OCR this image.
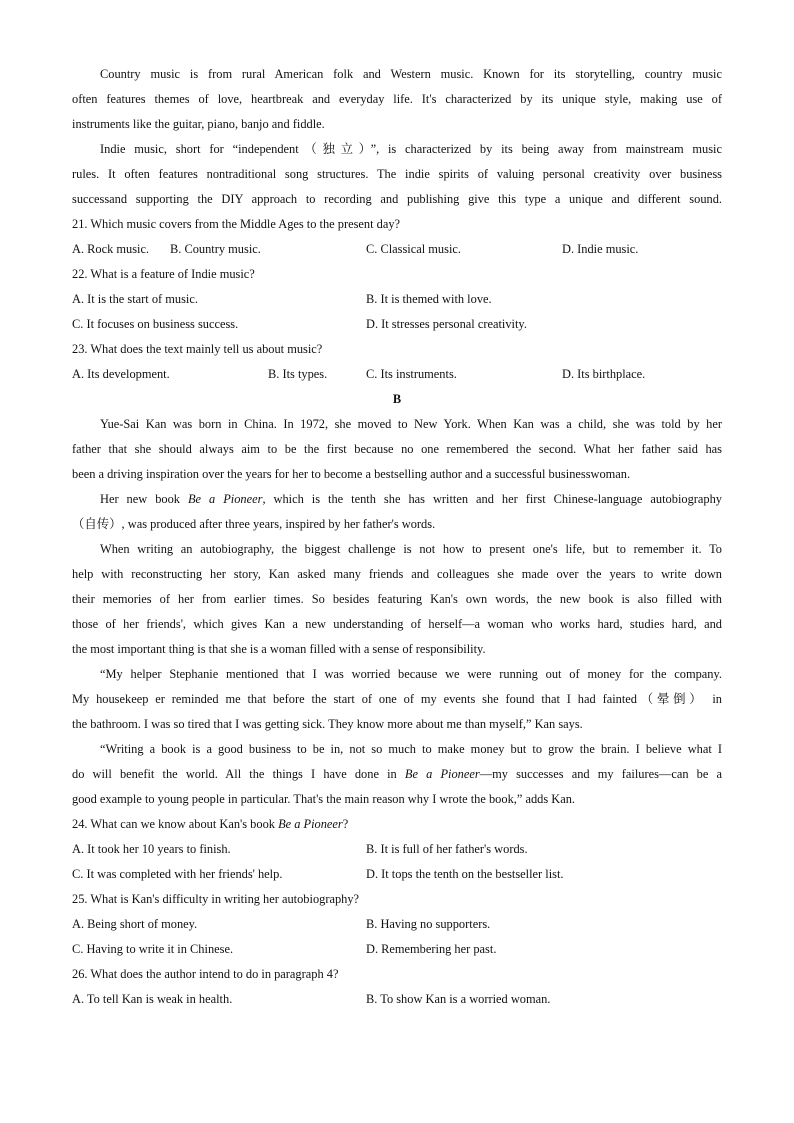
Country music is from rural American folk and Western music. Known for its storytelling, country music
often features themes of love, heartbreak and everyday life. It's characterized by its unique style, making use of
instruments like the guitar, piano, banjo and fiddle.
Indie music, short for “independent（独立）”, is characterized by its being away from mainstream music
rules. It often features nontraditional song structures. The indie spirits of valuing personal creativity over business
successand supporting the DIY approach to recording and publishing give this type a unique and different sound.
21. Which music covers from the Middle Ages to the present day?
A. Rock music.	B. Country music.	C. Classical music.	D. Indie music.
22. What is a feature of Indie music?
A. It is the start of music.	B. It is themed with love.
C. It focuses on business success.	D. It stresses personal creativity.
23. What does the text mainly tell us about music?
A. Its development.	B. Its types.	C. Its instruments.	D. Its birthplace.
B
Yue-Sai Kan was born in China. In 1972, she moved to New York. When Kan was a child, she was told by her
father that she should always aim to be the first because no one remembered the second. What her father said has
been a driving inspiration over the years for her to become a bestselling author and a successful businesswoman.
Her new book Be a Pioneer, which is the tenth she has written and her first Chinese-language autobiography
（自传）, was produced after three years, inspired by her father's words.
When writing an autobiography, the biggest challenge is not how to present one's life, but to remember it. To
help with reconstructing her story, Kan asked many friends and colleagues she made over the years to write down
their memories of her from earlier times. So besides featuring Kan's own words, the new book is also filled with
those of her friends', which gives Kan a new understanding of herself—a woman who works hard, studies hard, and
the most important thing is that she is a woman filled with a sense of responsibility.
“My helper Stephanie mentioned that I was worried because we were running out of money for the company.
My housekeep er reminded me that before the start of one of my events she found that I had fainted（晕倒） in
the bathroom. I was so tired that I was getting sick. They know more about me than myself,” Kan says.
“Writing a book is a good business to be in, not so much to make money but to grow the brain. I believe what I
do will benefit the world. All the things I have done in Be a Pioneer—my successes and my failures—can be a
good example to young people in particular. That's the main reason why I wrote the book,” adds Kan.
24. What can we know about Kan's book Be a Pioneer?
A. It took her 10 years to finish.	B. It is full of her father's words.
C. It was completed with her friends' help.	D. It tops the tenth on the bestseller list.
25. What is Kan's difficulty in writing her autobiography?
A. Being short of money.	B. Having no supporters.
C. Having to write it in Chinese.	D. Remembering her past.
26. What does the author intend to do in paragraph 4?
A. To tell Kan is weak in health.	B. To show Kan is a worried woman.
